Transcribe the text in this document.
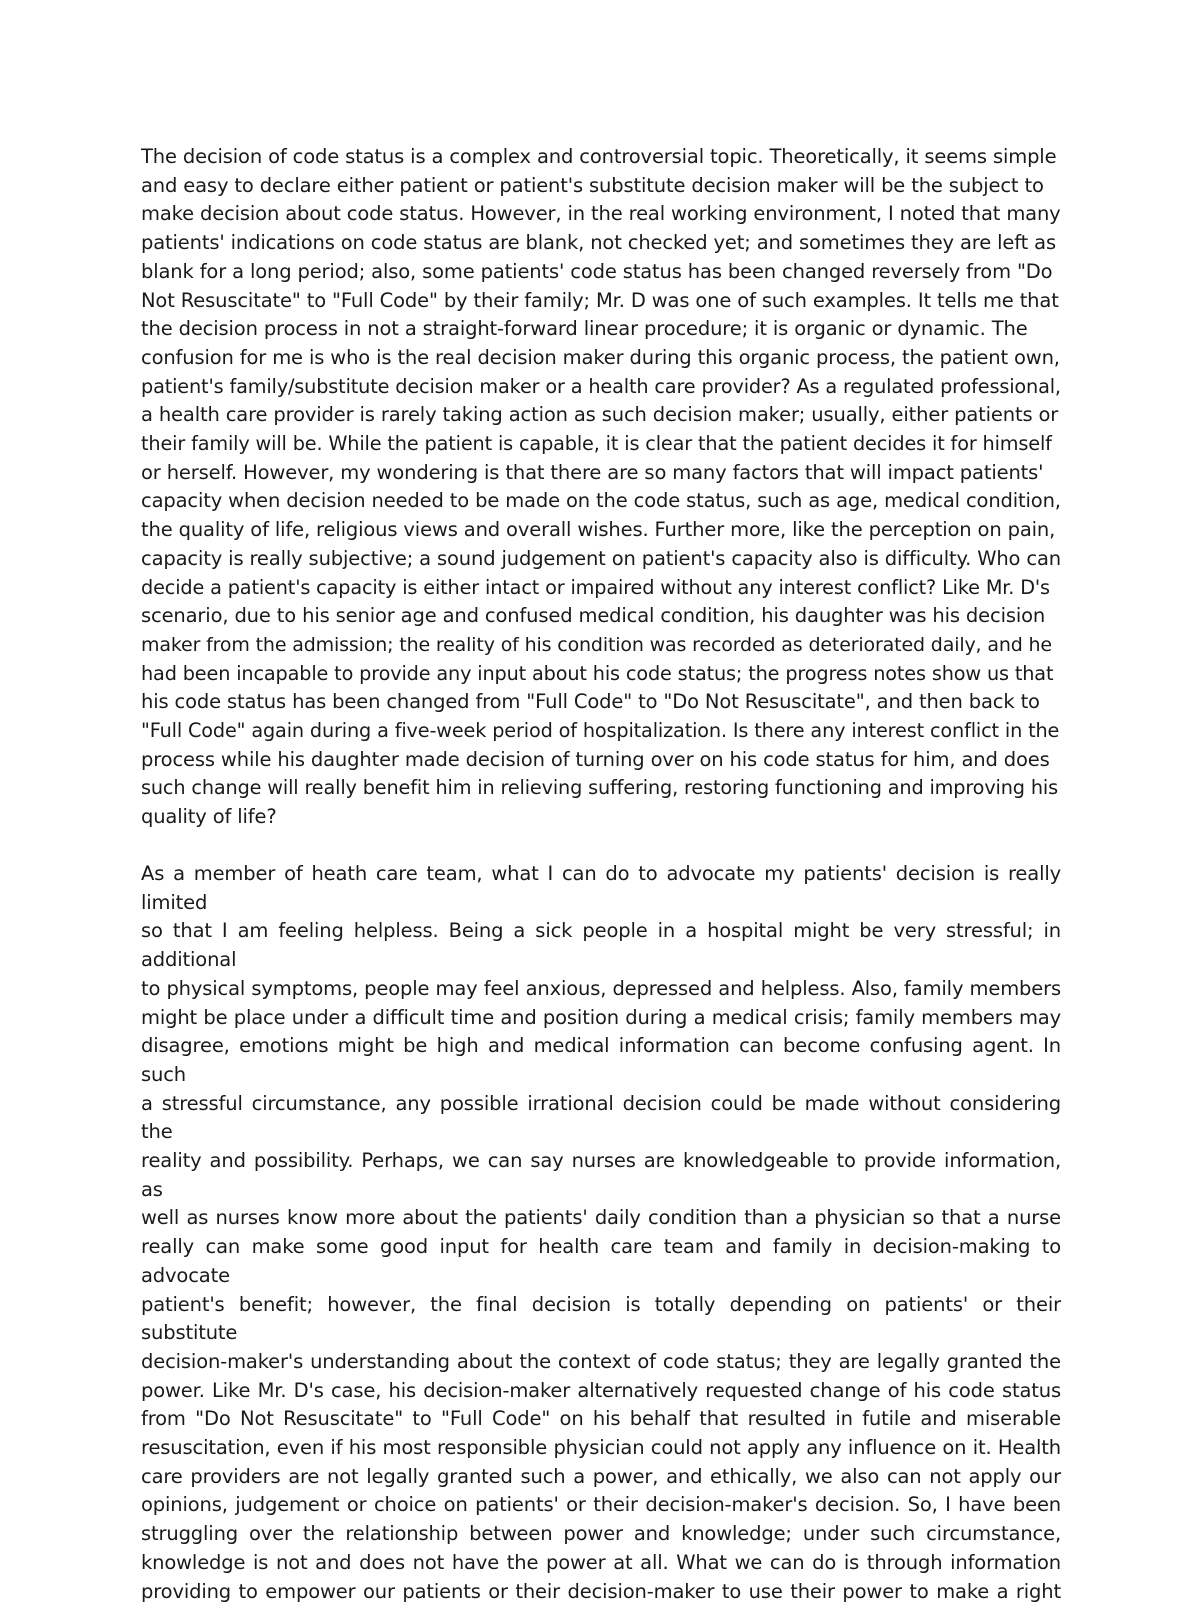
The decision of code status is a complex and controversial topic. Theoretically, it seems simple
and easy to declare either patient or patient's substitute decision maker will be the subject to
make decision about code status. However, in the real working environment, I noted that many
patients' indications on code status are blank, not checked yet; and sometimes they are left as
blank for a long period; also, some patients' code status has been changed reversely from "Do
Not Resuscitate" to "Full Code" by their family; Mr. D was one of such examples. It tells me that
the decision process in not a straight-forward linear procedure; it is organic or dynamic. The
confusion for me is who is the real decision maker during this organic process, the patient own,
patient's family/substitute decision maker or a health care provider? As a regulated professional,
a health care provider is rarely taking action as such decision maker; usually, either patients or
their family will be. While the patient is capable, it is clear that the patient decides it for himself
or herself. However, my wondering is that there are so many factors that will impact patients'
capacity when decision needed to be made on the code status, such as age, medical condition,
the quality of life, religious views and overall wishes. Further more, like the perception on pain,
capacity is really subjective; a sound judgement on patient's capacity also is difficulty. Who can
decide a patient's capacity is either intact or impaired without any interest conflict? Like Mr. D's
scenario, due to his senior age and confused medical condition, his daughter was his decision
maker from the admission; the reality of his condition was recorded as deteriorated daily, and he
had been incapable to provide any input about his code status; the progress notes show us that
his code status has been changed from "Full Code" to "Do Not Resuscitate", and then back to
"Full Code" again during a five-week period of hospitalization. Is there any interest conflict in the
process while his daughter made decision of turning over on his code status for him, and does
such change will really benefit him in relieving suffering, restoring functioning and improving his
quality of life?
As a member of heath care team, what I can do to advocate my patients' decision is really limited
so that I am feeling helpless. Being a sick people in a hospital might be very stressful; in additional
to physical symptoms, people may feel anxious, depressed and helpless. Also, family members
might be place under a difficult time and position during a medical crisis; family members may
disagree, emotions might be high and medical information can become confusing agent. In such
a stressful circumstance, any possible irrational decision could be made without considering the
reality and possibility. Perhaps, we can say nurses are knowledgeable to provide information, as
well as nurses know more about the patients' daily condition than a physician so that a nurse
really can make some good input for health care team and family in decision-making to advocate
patient's benefit; however, the final decision is totally depending on patients' or their substitute
decision-maker's understanding about the context of code status; they are legally granted the
power. Like Mr. D's case, his decision-maker alternatively requested change of his code status
from "Do Not Resuscitate" to "Full Code" on his behalf that resulted in futile and miserable
resuscitation, even if his most responsible physician could not apply any influence on it. Health
care providers are not legally granted such a power, and ethically, we also can not apply our
opinions, judgement or choice on patients' or their decision-maker's decision. So, I have been
struggling over the relationship between power and knowledge; under such circumstance,
knowledge is not and does not have the power at all. What we can do is through information
providing to empower our patients or their decision-maker to use their power to make a right
